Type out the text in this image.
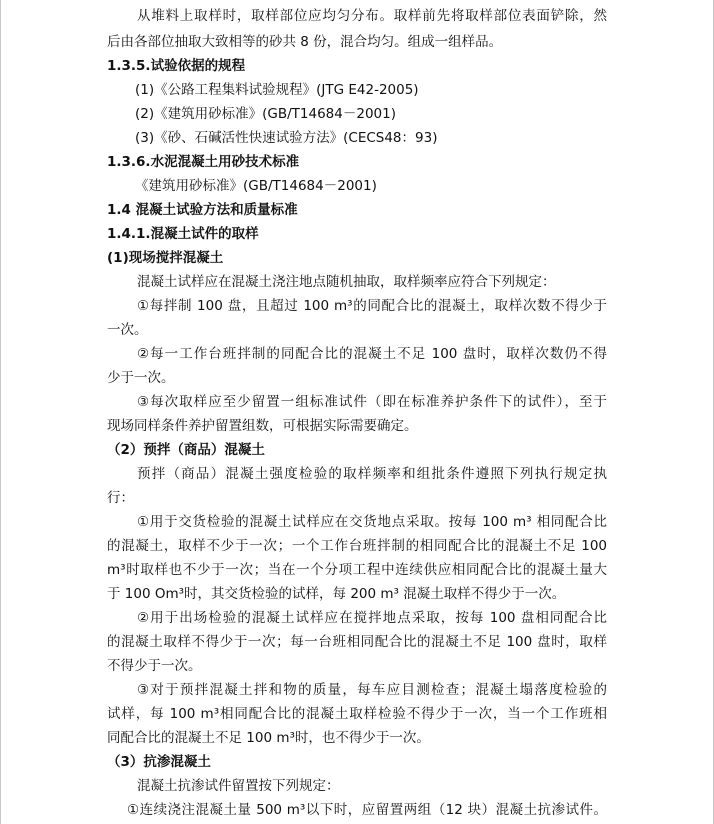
从堆料上取样时，取样部位应均匀分布。取样前先将取样部位表面铲除，然
后由各部位抽取大致相等的砂共 8 份，混合均匀。组成一组样品。
1.3.5.试验依据的规程
(1)《公路工程集料试验规程》(JTG E42-2005)
(2)《建筑用砂标准》(GB/T14684－2001)
(3)《砂、石碱活性快速试验方法》(CECS48：93)
1.3.6.水泥混凝土用砂技术标准
《建筑用砂标准》(GB/T14684－2001)
1.4 混凝土试验方法和质量标准
1.4.1.混凝土试件的取样
(1)现场搅拌混凝土
混凝土试样应在混凝土浇注地点随机抽取，取样频率应符合下列规定：
①每拌制 100 盘，且超过 100 m³的同配合比的混凝土，取样次数不得少于
一次。
②每一工作台班拌制的同配合比的混凝土不足 100 盘时，取样次数仍不得
少于一次。
③每次取样应至少留置一组标准试件（即在标准养护条件下的试件），至于
现场同样条件养护留置组数，可根据实际需要确定。
（2）预拌（商品）混凝土
预拌（商品）混凝土强度检验的取样频率和组批条件遵照下列执行规定执
行：
①用于交货检验的混凝土试样应在交货地点采取。按每 100 m³ 相同配合比
的混凝土，取样不少于一次；一个工作台班拌制的相同配合比的混凝土不足 100
m³时取样也不少于一次；当在一个分项工程中连续供应相同配合比的混凝土量大
于 100 Om³时，其交货检验的试样，每 200 m³ 混凝土取样不得少于一次。
②用于出场检验的混凝土试样应在搅拌地点采取，按每 100 盘相同配合比
的混凝土取样不得少于一次；每一台班相同配合比的混凝土不足 100 盘时，取样
不得少于一次。
③对于预拌混凝土拌和物的质量，每车应目测检查；混凝土塌落度检验的
试样，每 100 m³相同配合比的混凝土取样检验不得少于一次，当一个工作班相
同配合比的混凝土不足 100 m³时，也不得少于一次。
（3）抗渗混凝土
混凝土抗渗试件留置按下列规定：
①连续浇注混凝土量 500 m³以下时，应留置两组（12 块）混凝土抗渗试件。
